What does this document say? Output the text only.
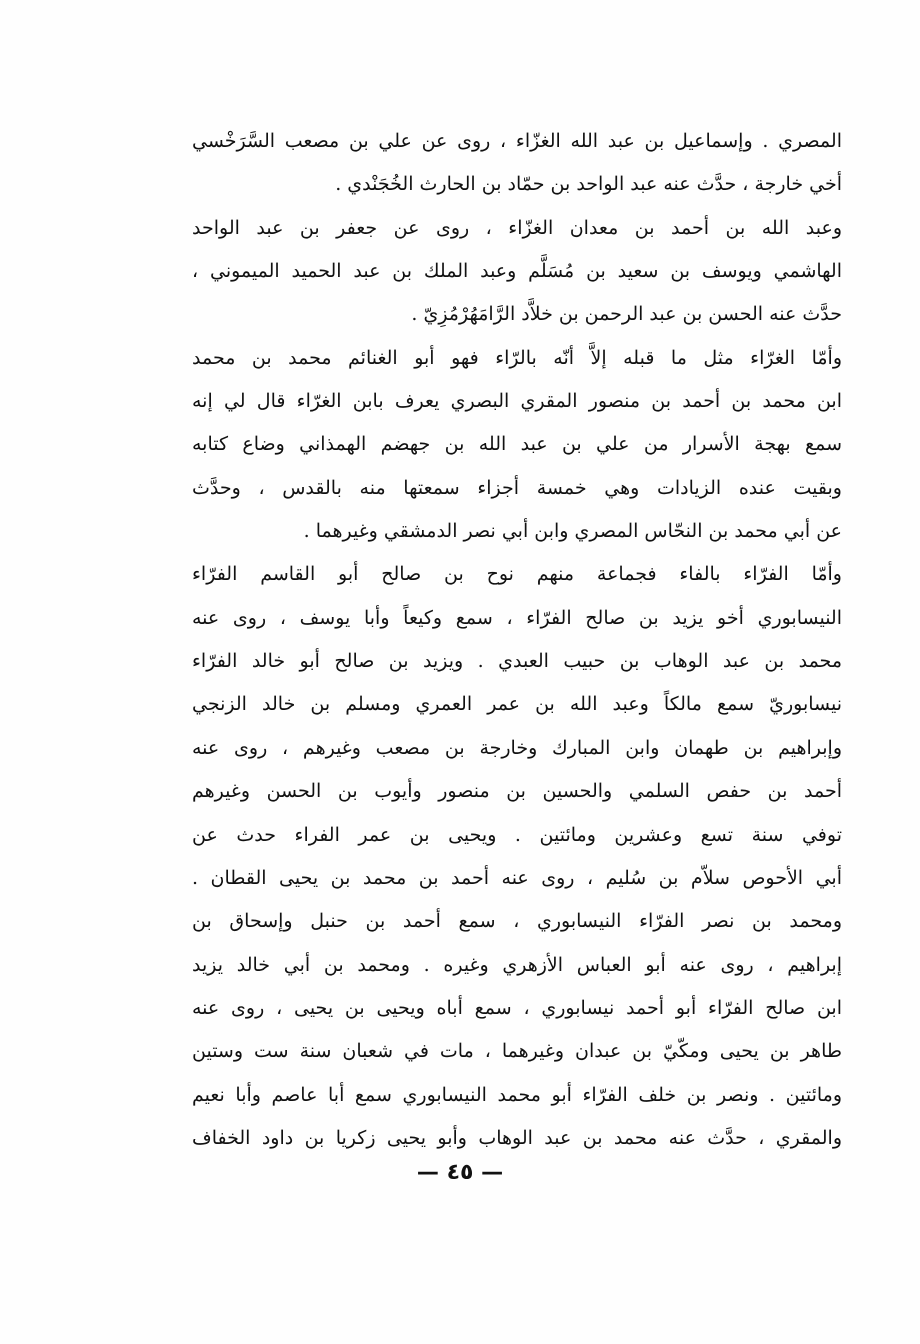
المصري . وإسماعيل بن عبد الله الغزّاء ، روى عن علي بن مصعب السَّرَخْسي
أخي خارجة ، حدَّث عنه عبد الواحد بن حمّاد بن الحارث الخُجَنْدي .
وعبد الله بن أحمد بن معدان الغزّاء ، روى عن جعفر بن عبد الواحد
الهاشمي ويوسف بن سعيد بن مُسَلَّم وعبد الملك بن عبد الحميد الميموني ،
حدَّث عنه الحسن بن عبد الرحمن بن خلاَّد الرَّامَهُرْمُزِيّ .
وأمّا الغرّاء مثل ما قبله إلاَّ أنّه بالرّاء فهو أبو الغنائم محمد بن محمد
ابن محمد بن أحمد بن منصور المقري البصري يعرف بابن الغرّاء قال لي إنه
سمع بهجة الأسرار من علي بن عبد الله بن جهضم الهمذاني وضاع كتابه
وبقيت عنده الزيادات وهي خمسة أجزاء سمعتها منه بالقدس ، وحدَّث
عن أبي محمد بن النحّاس المصري وابن أبي نصر الدمشقي وغيرهما .
وأمّا الفرّاء بالفاء فجماعة منهم نوح بن صالح أبو القاسم الفرّاء
النيسابوري أخو يزيد بن صالح الفرّاء ، سمع وكيعاً وأبا يوسف ، روى عنه
محمد بن عبد الوهاب بن حبيب العبدي . ويزيد بن صالح أبو خالد الفرّاء
نيسابوريّ سمع مالكاً وعبد الله بن عمر العمري ومسلم بن خالد الزنجي
وإبراهيم بن طهمان وابن المبارك وخارجة بن مصعب وغيرهم ، روى عنه
أحمد بن حفص السلمي والحسين بن منصور وأيوب بن الحسن وغيرهم
توفي سنة تسع وعشرين ومائتين . ويحيى بن عمر الفراء حدث عن
أبي الأحوص سلاّم بن سُليم ، روى عنه أحمد بن محمد بن يحيى القطان .
ومحمد بن نصر الفرّاء النيسابوري ، سمع أحمد بن حنبل وإسحاق بن
إبراهيم ، روى عنه أبو العباس الأزهري وغيره . ومحمد بن أبي خالد يزيد
ابن صالح الفرّاء أبو أحمد نيسابوري ، سمع أباه ويحيى بن يحيى ، روى عنه
طاهر بن يحيى ومكّيّ بن عبدان وغيرهما ، مات في شعبان سنة ست وستين
ومائتين . ونصر بن خلف الفرّاء أبو محمد النيسابوري سمع أبا عاصم وأبا نعيم
والمقري ، حدَّث عنه محمد بن عبد الوهاب وأبو يحيى زكريا بن داود الخفاف
— ٤٥ —
